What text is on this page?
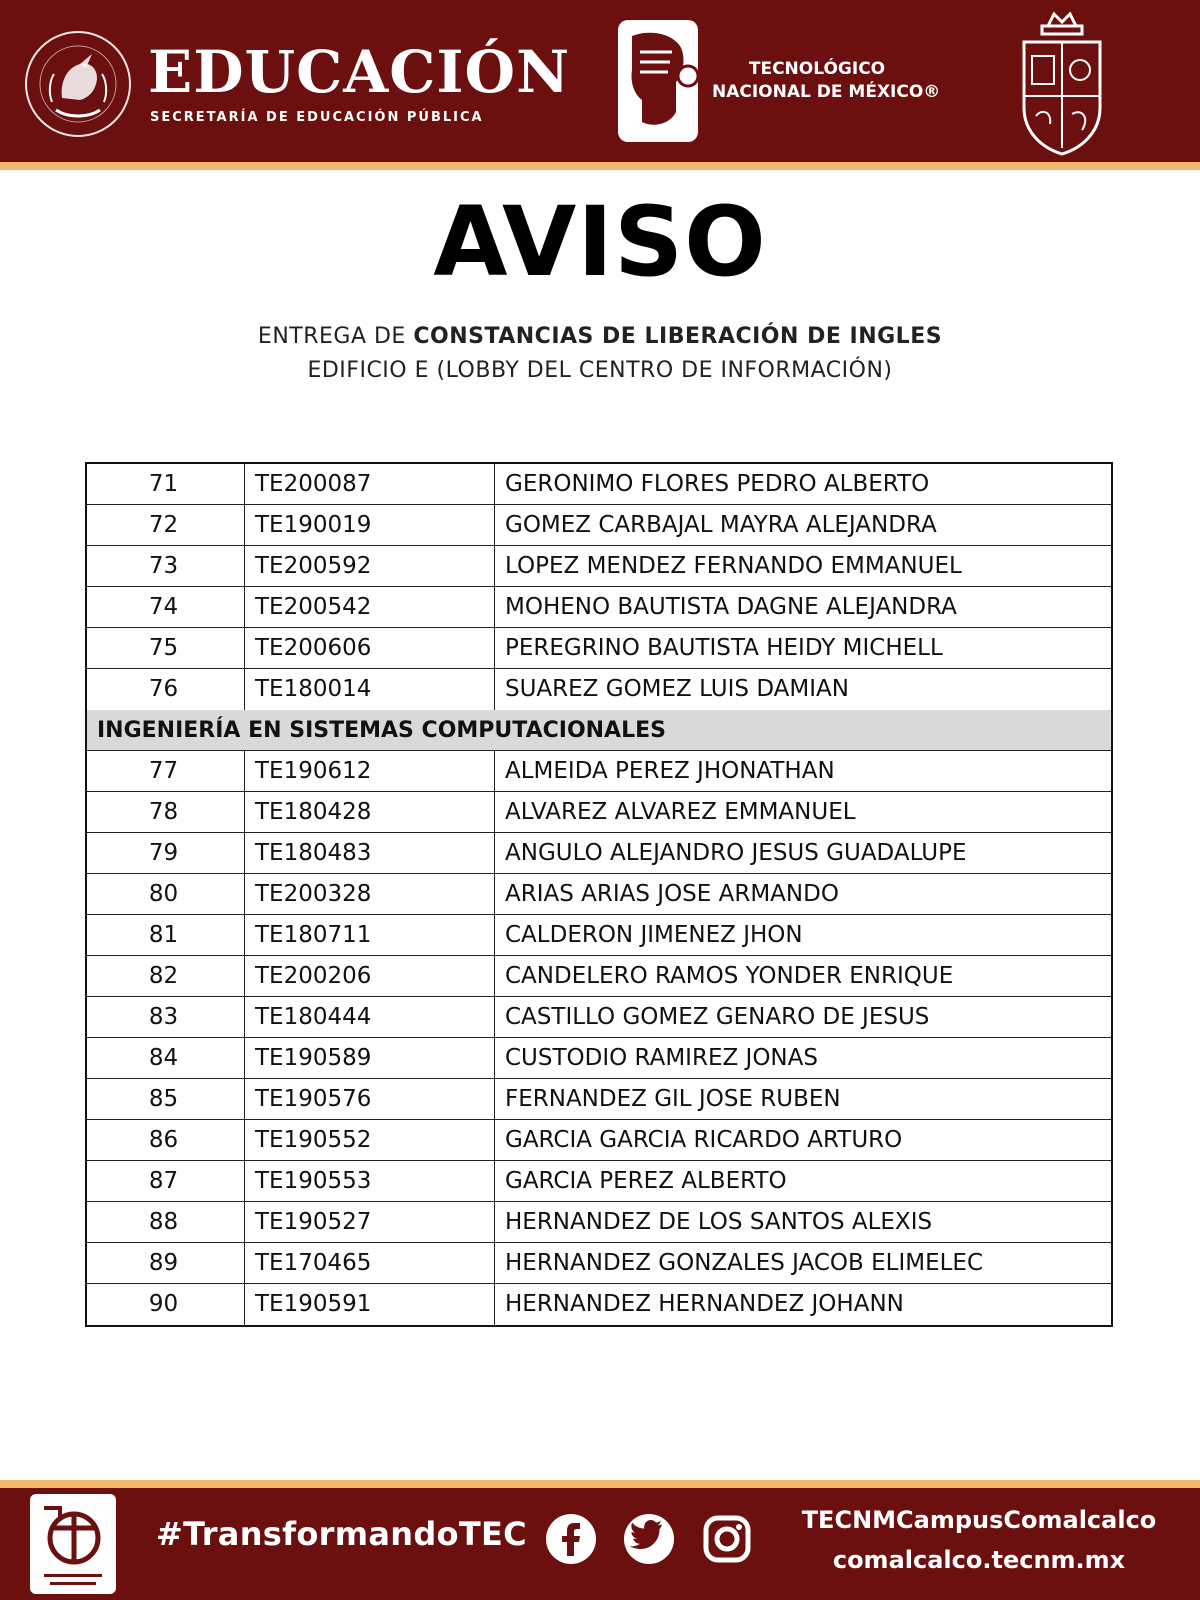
EDUCACIÓN
SECRETARÍA DE EDUCACIÓN PÚBLICA
TECNOLÓGICO
NACIONAL DE MÉXICO®
AVISO
ENTREGA DE CONSTANCIAS DE LIBERACIÓN DE INGLES
EDIFICIO E (LOBBY DEL CENTRO DE INFORMACIÓN)
71	TE200087	GERONIMO FLORES PEDRO ALBERTO
72	TE190019	GOMEZ CARBAJAL MAYRA ALEJANDRA
73	TE200592	LOPEZ MENDEZ FERNANDO EMMANUEL
74	TE200542	MOHENO BAUTISTA DAGNE ALEJANDRA
75	TE200606	PEREGRINO BAUTISTA HEIDY MICHELL
76	TE180014	SUAREZ GOMEZ LUIS DAMIAN
INGENIERÍA EN SISTEMAS COMPUTACIONALES
77	TE190612	ALMEIDA PEREZ JHONATHAN
78	TE180428	ALVAREZ ALVAREZ EMMANUEL
79	TE180483	ANGULO ALEJANDRO JESUS GUADALUPE
80	TE200328	ARIAS ARIAS JOSE ARMANDO
81	TE180711	CALDERON JIMENEZ JHON
82	TE200206	CANDELERO RAMOS YONDER ENRIQUE
83	TE180444	CASTILLO GOMEZ GENARO DE JESUS
84	TE190589	CUSTODIO RAMIREZ JONAS
85	TE190576	FERNANDEZ GIL JOSE RUBEN
86	TE190552	GARCIA GARCIA RICARDO ARTURO
87	TE190553	GARCIA PEREZ ALBERTO
88	TE190527	HERNANDEZ DE LOS SANTOS ALEXIS
89	TE170465	HERNANDEZ GONZALES JACOB ELIMELEC
90	TE190591	HERNANDEZ HERNANDEZ JOHANN
#TransformandoTEC	TECNMCampusComalcalco
comalcalco.tecnm.mx
